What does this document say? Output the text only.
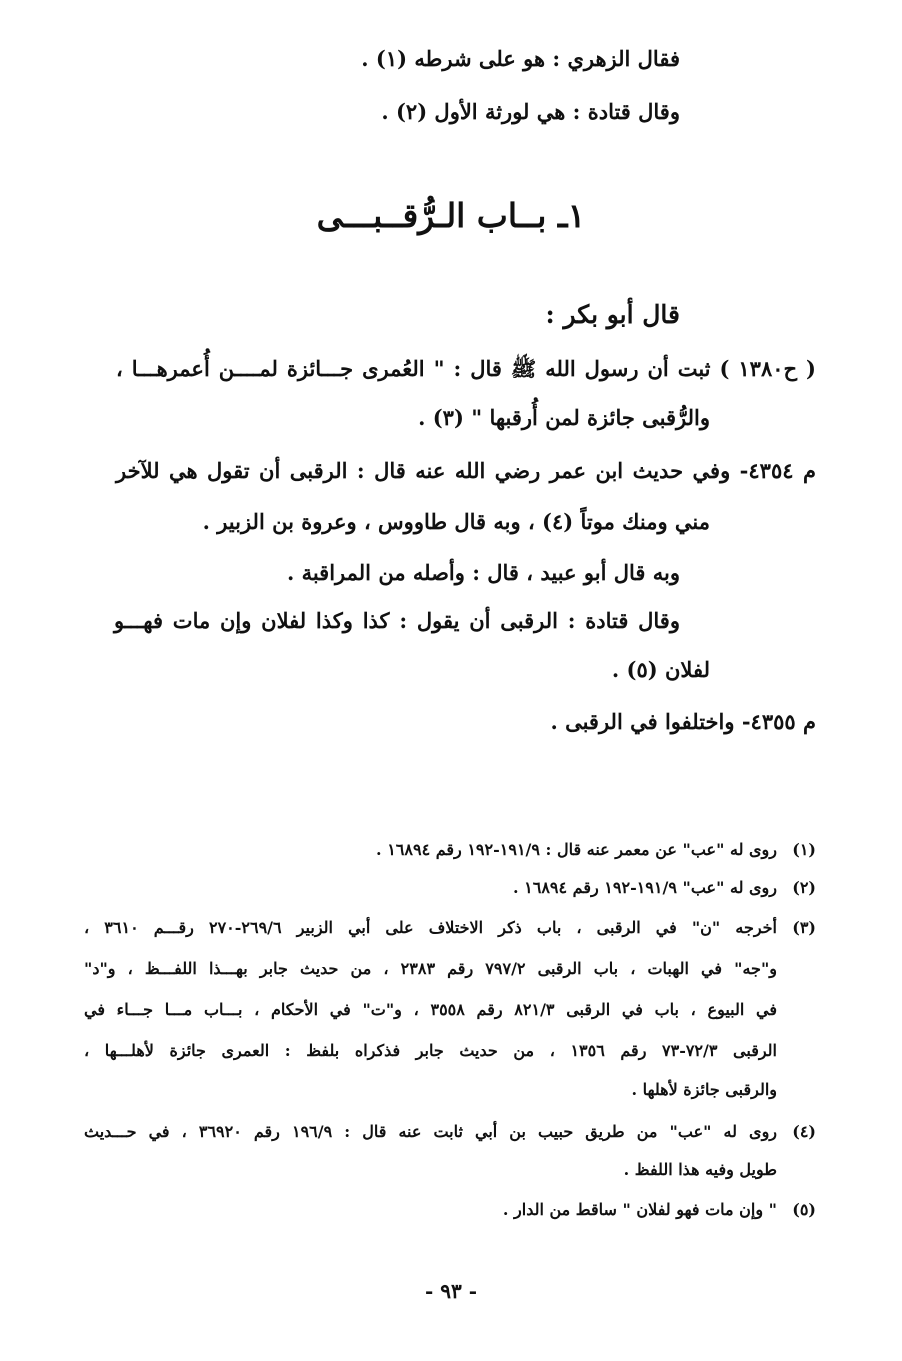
فقال الزهري : هو على شرطه (١) .
وقال قتادة : هي لورثة الأول (٢) .
١ـ بــاب الـرُّقــبـــى
قال أبو بكر :
( ح١٣٨٠ ) ثبت أن رسول الله ﷺ قال : " العُمرى جـــائزة لمــــن أُعمرهـــا ،
والرُّقبى جائزة لمن أُرقبها " (٣) .
م ٤٣٥٤- وفي حديث ابن عمر رضي الله عنه قال : الرقبى أن تقول هي للآخر
مني ومنك موتاً (٤) ، وبه قال طاووس ، وعروة بن الزبير .
وبه قال أبو عبيد ، قال : وأصله من المراقبة .
وقال قتادة : الرقبى أن يقول : كذا وكذا لفلان وإن مات فهـــو
لفلان (٥) .
م ٤٣٥٥- واختلفوا في الرقبى .
(١)
روى له "عب" عن معمر عنه قال : ١٩١/٩-١٩٢ رقم ١٦٨٩٤ .
(٢)
روى له "عب" ١٩١/٩-١٩٢ رقم ١٦٨٩٤ .
(٣)
أخرجه "ن" في الرقبى ، باب ذكر الاختلاف على أبي الزبير ٢٦٩/٦-٢٧٠ رقـــم ٣٦١٠ ،
و"جه" في الهبات ، باب الرقبى ٧٩٧/٢ رقم ٢٣٨٣ ، من حديث جابر بهـــذا اللفـــظ ، و"د"
في البيوع ، باب في الرقبى ٨٢١/٣ رقم ٣٥٥٨ ، و"ت" في الأحكام ، بـــاب مـــا جـــاء في
الرقبى ٧٢/٣-٧٣ رقم ١٣٥٦ ، من حديث جابر فذكراه بلفظ : العمرى جائزة لأهلـــها ،
والرقبى جائزة لأهلها .
(٤)
روى له "عب" من طريق حبيب بن أبي ثابت عنه قال : ١٩٦/٩ رقم ٣٦٩٢٠ ، في حـــديث
طويل وفيه هذا اللفظ .
(٥)
" وإن مات فهو لفلان " ساقط من الدار .
- ٩٣ -
